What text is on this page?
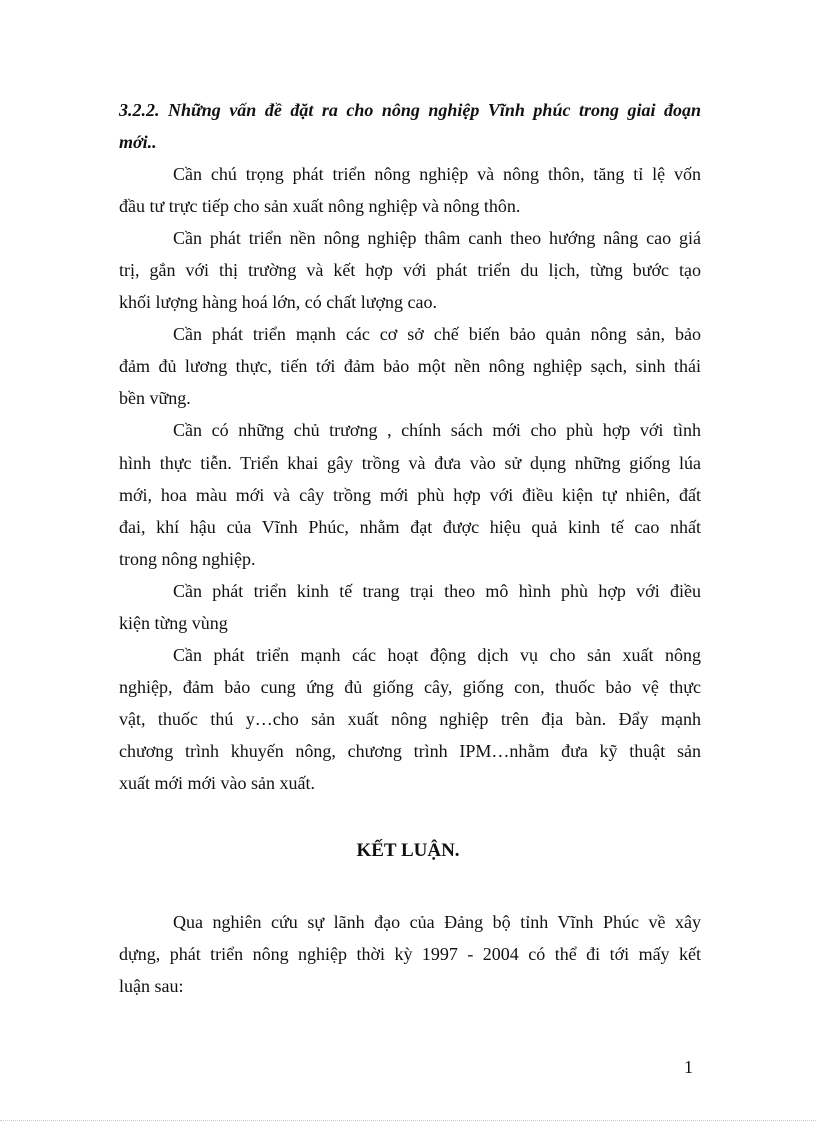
3.2.2. Những vấn đề đặt ra cho nông nghiệp Vĩnh phúc trong giai đoạn
mới..
Cần chú trọng phát triển nông nghiệp và nông thôn, tăng tỉ lệ vốn
đầu tư trực tiếp cho sản xuất nông nghiệp và nông thôn.
Cần phát triển nền nông nghiệp thâm canh theo hướng nâng cao giá
trị, gắn với thị trường và kết hợp với phát triển du lịch, từng bước tạo
khối lượng hàng hoá lớn, có chất lượng cao.
Cần phát triển mạnh các cơ sở chế biến bảo quản nông sản, bảo
đảm đủ lương thực, tiến tới đảm bảo một nền nông nghiệp sạch, sinh thái
bền vững.
Cần có những chủ trương , chính sách mới cho phù hợp với tình
hình thực tiễn. Triển khai gây trồng và đưa vào sử dụng những giống lúa
mới, hoa màu mới và cây trồng mới phù hợp với điều kiện tự nhiên, đất
đai, khí hậu của Vĩnh Phúc, nhằm đạt được hiệu quả kinh tế cao nhất
trong nông nghiệp.
Cần phát triển kinh tế trang trại theo mô hình phù hợp với điều
kiện từng vùng
Cần phát triển mạnh các hoạt động dịch vụ cho sản xuất nông
nghiệp, đảm bảo cung ứng đủ giống cây, giống con, thuốc bảo vệ thực
vật, thuốc thú y…cho sản xuất nông nghiệp trên địa bàn. Đẩy mạnh
chương trình khuyến nông, chương trình IPM…nhằm đưa kỹ thuật sản
xuất mới mới vào sản xuất.
KẾT LUẬN.
Qua nghiên cứu sự lãnh đạo của Đảng bộ tỉnh Vĩnh Phúc về xây
dựng, phát triển nông nghiệp thời kỳ 1997 - 2004 có thể đi tới mấy kết
luận sau:
1
